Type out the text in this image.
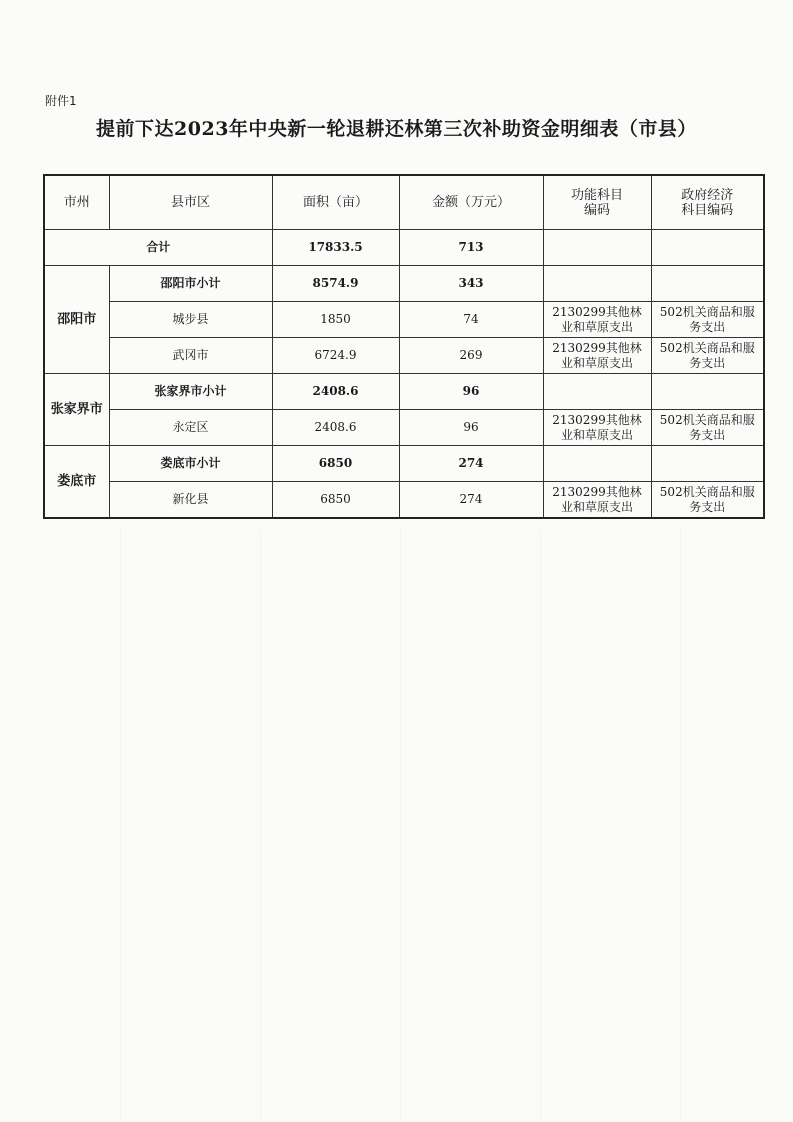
附件1
提前下达2023年中央新一轮退耕还林第三次补助资金明细表（市县）
市州	县市区	面积（亩）	金额（万元）	功能科目编码	政府经济科目编码
合计		17833.5	713		
邵阳市	邵阳市小计	8574.9	343		
	城步县	1850	74	2130299其他林业和草原支出	502机关商品和服务支出
	武冈市	6724.9	269	2130299其他林业和草原支出	502机关商品和服务支出
张家界市	张家界市小计	2408.6	96		
	永定区	2408.6	96	2130299其他林业和草原支出	502机关商品和服务支出
娄底市	娄底市小计	6850	274		
	新化县	6850	274	2130299其他林业和草原支出	502机关商品和服务支出
